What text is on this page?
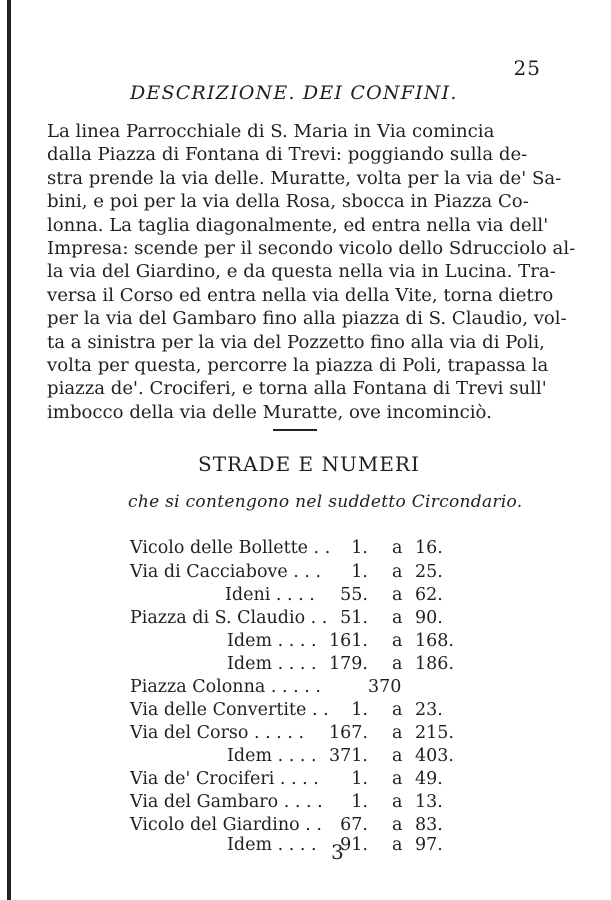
25
DESCRIZIONE. DEI CONFINI.
La linea Parrocchiale di S. Maria in Via comincia
dalla Piazza di Fontana di Trevi: poggiando sulla de-
stra prende la via delle. Muratte, volta per la via de' Sa-
bini, e poi per la via della Rosa, sbocca in Piazza Co-
lonna. La taglia diagonalmente, ed entra nella via dell'
Impresa: scende per il secondo vicolo dello Sdrucciolo al-
la via del Giardino, e da questa nella via in Lucina. Tra-
versa il Corso ed entra nella via della Vite, torna dietro
per la via del Gambaro fino alla piazza di S. Claudio, vol-
ta a sinistra per la via del Pozzetto fino alla via di Poli,
volta per questa, percorre la piazza di Poli, trapassa la
piazza de'. Crociferi, e torna alla Fontana di Trevi sull'
imbocco della via delle Muratte, ove incominciò.
STRADE E NUMERI
che si contengono nel suddetto Circondario.
Vicolo delle Bollette . . 1. a 16.
Via di Cacciabove . . . 1. a 25.
Ideni . . . . 55. a 62.
Piazza di S. Claudio . . 51. a 90.
Idem . . . . 161. a 168.
Idem . . . . 179. a 186.
Piazza Colonna . . . . .	370
Via delle Convertite . . 1. a 23.
Via del Corso . . . . . 167. a 215.
Idem . . . . 371. a 403.
Via de' Crociferi . . . . 1. a 49.
Via del Gambaro . . . . 1. a 13.
Vicolo del Giardino . . 67. a 83.
Idem . . . . 91. a 97.
3
